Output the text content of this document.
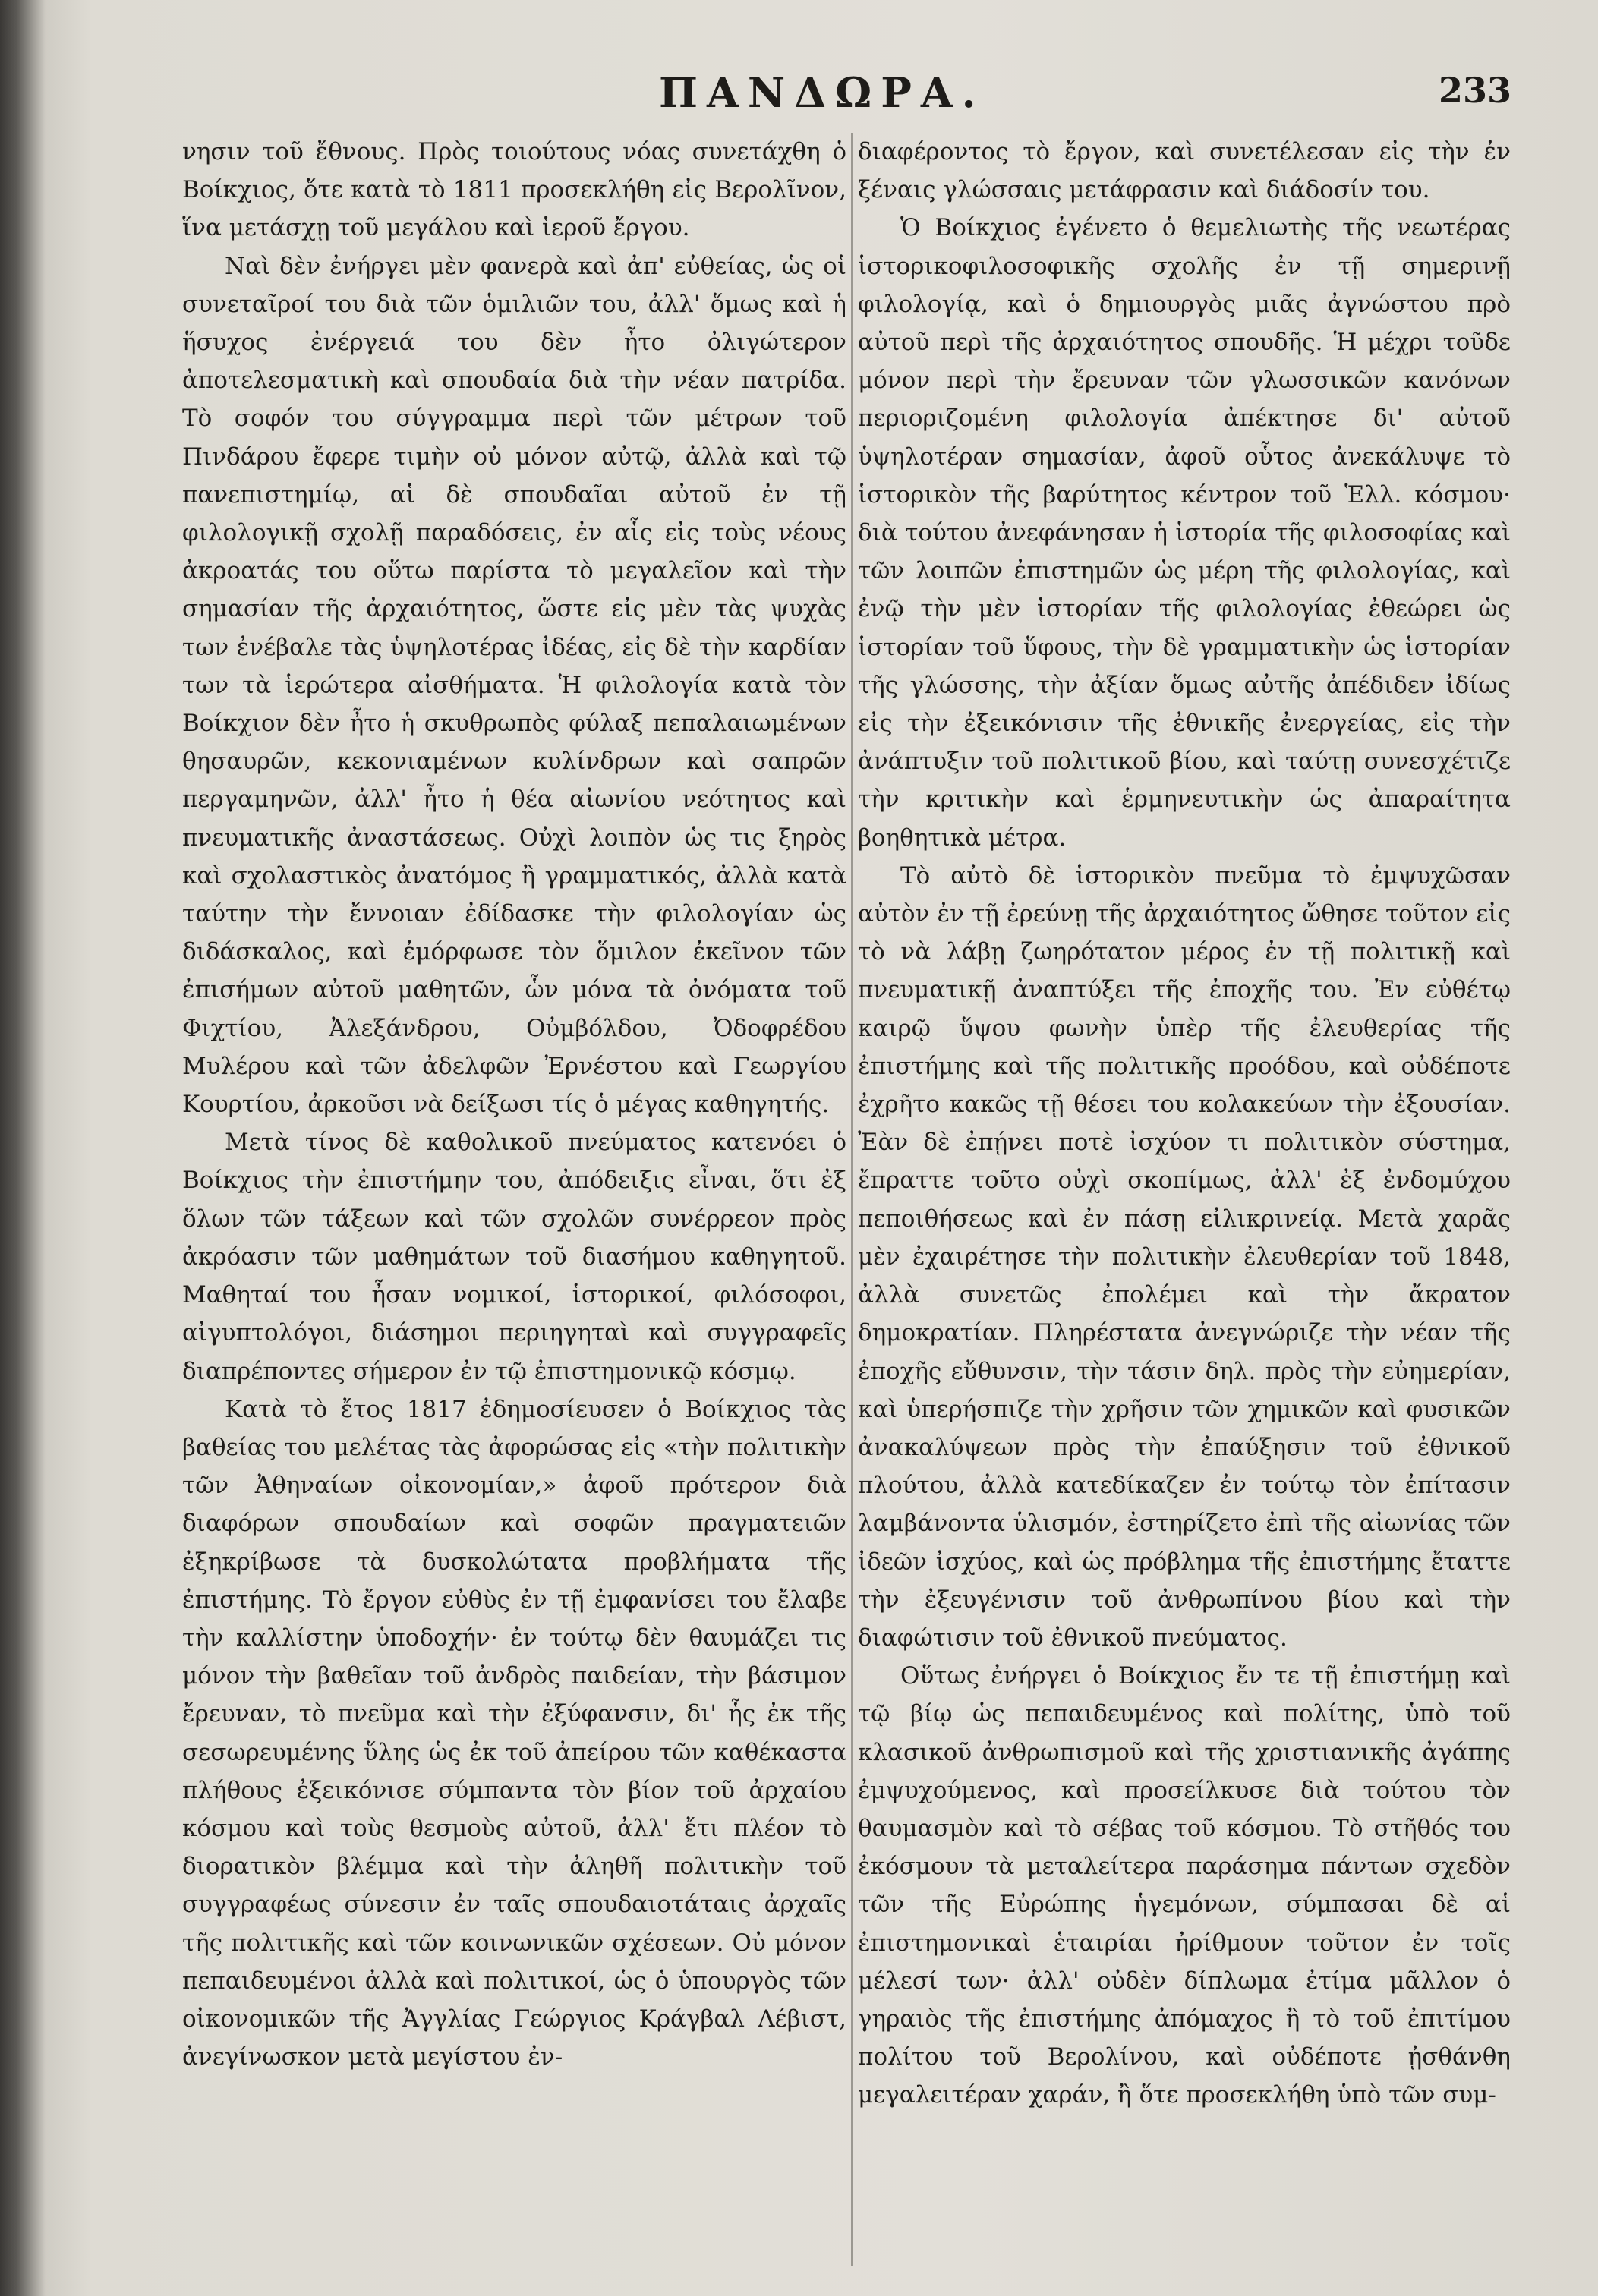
ΠΑΝΔΩΡΑ.	233

νησιν τοῦ ἔθνους. Πρὸς τοιούτους νόας συνετάχθη ὁ Βοίκχιος, ὅτε κατὰ τὸ 1811 προσεκλήθη εἰς Βερολῖνον, ἵνα μετάσχῃ τοῦ μεγάλου καὶ ἱεροῦ ἔργου.

Ναὶ δὲν ἐνήργει μὲν φανερὰ καὶ ἀπ' εὐθείας, ὡς οἱ συνεταῖροί του διὰ τῶν ὁμιλιῶν του, ἀλλ' ὅμως καὶ ἡ ἥσυχος ἐνέργειά του δὲν ἦτο ὀλιγώτερον ἀποτελεσματικὴ καὶ σπουδαία διὰ τὴν νέαν πατρίδα. Τὸ σοφόν του σύγγραμμα περὶ τῶν μέτρων τοῦ Πινδάρου ἔφερε τιμὴν οὐ μόνον αὐτῷ, ἀλλὰ καὶ τῷ πανεπιστημίῳ, αἱ δὲ σπουδαῖαι αὐτοῦ ἐν τῇ φιλολογικῇ σχολῇ παραδόσεις, ἐν αἷς εἰς τοὺς νέους ἀκροατάς του οὕτω παρίστα τὸ μεγαλεῖον καὶ τὴν σημασίαν τῆς ἀρχαιότητος, ὥστε εἰς μὲν τὰς ψυχὰς των ἐνέβαλε τὰς ὑψηλοτέρας ἰδέας, εἰς δὲ τὴν καρδίαν των τὰ ἱερώτερα αἰσθήματα. Ἡ φιλολογία κατὰ τὸν Βοίκχιον δὲν ἦτο ἡ σκυθρωπὸς φύλαξ πεπαλαιωμένων θησαυρῶν, κεκονιαμένων κυλίνδρων καὶ σαπρῶν περγαμηνῶν, ἀλλ' ἦτο ἡ θέα αἰωνίου νεότητος καὶ πνευματικῆς ἀναστάσεως. Οὐχὶ λοιπὸν ὡς τις ξηρὸς καὶ σχολαστικὸς ἀνατόμος ἢ γραμματικός, ἀλλὰ κατὰ ταύτην τὴν ἔννοιαν ἐδίδασκε τὴν φιλολογίαν ὡς διδάσκαλος, καὶ ἐμόρφωσε τὸν ὅμιλον ἐκεῖνον τῶν ἐπισήμων αὐτοῦ μαθητῶν, ὧν μόνα τὰ ὀνόματα τοῦ Φιχτίου, Ἀλεξάνδρου, Οὐμβόλδου, Ὀδοφρέδου Μυλέρου καὶ τῶν ἀδελφῶν Ἐρνέστου καὶ Γεωργίου Κουρτίου, ἀρκοῦσι νὰ δείξωσι τίς ὁ μέγας καθηγητής.

Μετὰ τίνος δὲ καθολικοῦ πνεύματος κατενόει ὁ Βοίκχιος τὴν ἐπιστήμην του, ἀπόδειξις εἶναι, ὅτι ἐξ ὅλων τῶν τάξεων καὶ τῶν σχολῶν συνέρρεον πρὸς ἀκρόασιν τῶν μαθημάτων τοῦ διασήμου καθηγητοῦ. Μαθηταί του ἦσαν νομικοί, ἱστορικοί, φιλόσοφοι, αἰγυπτολόγοι, διάσημοι περιηγηταὶ καὶ συγγραφεῖς διαπρέποντες σήμερον ἐν τῷ ἐπιστημονικῷ κόσμῳ.

Κατὰ τὸ ἔτος 1817 ἐδημοσίευσεν ὁ Βοίκχιος τὰς βαθείας του μελέτας τὰς ἀφορώσας εἰς «τὴν πολιτικὴν τῶν Ἀθηναίων οἰκονομίαν,» ἀφοῦ πρότερον διὰ διαφόρων σπουδαίων καὶ σοφῶν πραγματειῶν ἐξηκρίβωσε τὰ δυσκολώτατα προβλήματα τῆς ἐπιστήμης. Τὸ ἔργον εὐθὺς ἐν τῇ ἐμφανίσει του ἔλαβε τὴν καλλίστην ὑποδοχήν· ἐν τούτῳ δὲν θαυμάζει τις μόνον τὴν βαθεῖαν τοῦ ἀνδρὸς παιδείαν, τὴν βάσιμον ἔρευναν, τὸ πνεῦμα καὶ τὴν ἐξύφανσιν, δι' ἧς ἐκ τῆς σεσωρευμένης ὕλης ὡς ἐκ τοῦ ἀπείρου τῶν καθέκαστα πλήθους ἐξεικόνισε σύμπαντα τὸν βίον τοῦ ἀρχαίου κόσμου καὶ τοὺς θεσμοὺς αὐτοῦ, ἀλλ' ἔτι πλέον τὸ διορατικὸν βλέμμα καὶ τὴν ἀληθῆ πολιτικὴν τοῦ συγγραφέως σύνεσιν ἐν ταῖς σπουδαιοτάταις ἀρχαῖς τῆς πολιτικῆς καὶ τῶν κοινωνικῶν σχέσεων. Οὐ μόνον πεπαιδευμένοι ἀλλὰ καὶ πολιτικοί, ὡς ὁ ὑπουργὸς τῶν οἰκονομικῶν τῆς Ἀγγλίας Γεώργιος Κράγβαλ Λέβιστ, ἀνεγίνωσκον μετὰ μεγίστου ἐν-

διαφέροντος τὸ ἔργον, καὶ συνετέλεσαν εἰς τὴν ἐν ξέναις γλώσσαις μετάφρασιν καὶ διάδοσίν του.

Ὁ Βοίκχιος ἐγένετο ὁ θεμελιωτὴς τῆς νεωτέρας ἱστορικοφιλοσοφικῆς σχολῆς ἐν τῇ σημερινῇ φιλολογίᾳ, καὶ ὁ δημιουργὸς μιᾶς ἀγνώστου πρὸ αὐτοῦ περὶ τῆς ἀρχαιότητος σπουδῆς. Ἡ μέχρι τοῦδε μόνον περὶ τὴν ἔρευναν τῶν γλωσσικῶν κανόνων περιοριζομένη φιλολογία ἀπέκτησε δι' αὐτοῦ ὑψηλοτέραν σημασίαν, ἀφοῦ οὗτος ἀνεκάλυψε τὸ ἱστορικὸν τῆς βαρύτητος κέντρον τοῦ Ἑλλ. κόσμου· διὰ τούτου ἀνεφάνησαν ἡ ἱστορία τῆς φιλοσοφίας καὶ τῶν λοιπῶν ἐπιστημῶν ὡς μέρη τῆς φιλολογίας, καὶ ἐνῷ τὴν μὲν ἱστορίαν τῆς φιλολογίας ἐθεώρει ὡς ἱστορίαν τοῦ ὕφους, τὴν δὲ γραμματικὴν ὡς ἱστορίαν τῆς γλώσσης, τὴν ἀξίαν ὅμως αὐτῆς ἀπέδιδεν ἰδίως εἰς τὴν ἐξεικόνισιν τῆς ἐθνικῆς ἐνεργείας, εἰς τὴν ἀνάπτυξιν τοῦ πολιτικοῦ βίου, καὶ ταύτῃ συνεσχέτιζε τὴν κριτικὴν καὶ ἑρμηνευτικὴν ὡς ἀπαραίτητα βοηθητικὰ μέτρα.

Τὸ αὐτὸ δὲ ἱστορικὸν πνεῦμα τὸ ἐμψυχῶσαν αὐτὸν ἐν τῇ ἐρεύνῃ τῆς ἀρχαιότητος ὤθησε τοῦτον εἰς τὸ νὰ λάβῃ ζωηρότατον μέρος ἐν τῇ πολιτικῇ καὶ πνευματικῇ ἀναπτύξει τῆς ἐποχῆς του. Ἐν εὐθέτῳ καιρῷ ὕψου φωνὴν ὑπὲρ τῆς ἐλευθερίας τῆς ἐπιστήμης καὶ τῆς πολιτικῆς προόδου, καὶ οὐδέποτε ἐχρῆτο κακῶς τῇ θέσει του κολακεύων τὴν ἐξουσίαν. Ἐὰν δὲ ἐπῄνει ποτὲ ἰσχύον τι πολιτικὸν σύστημα, ἔπραττε τοῦτο οὐχὶ σκοπίμως, ἀλλ' ἐξ ἐνδομύχου πεποιθήσεως καὶ ἐν πάσῃ εἰλικρινείᾳ. Μετὰ χαρᾶς μὲν ἐχαιρέτησε τὴν πολιτικὴν ἐλευθερίαν τοῦ 1848, ἀλλὰ συνετῶς ἐπολέμει καὶ τὴν ἄκρατον δημοκρατίαν. Πληρέστατα ἀνεγνώριζε τὴν νέαν τῆς ἐποχῆς εὔθυνσιν, τὴν τάσιν δηλ. πρὸς τὴν εὐημερίαν, καὶ ὑπερήσπιζε τὴν χρῆσιν τῶν χημικῶν καὶ φυσικῶν ἀνακαλύψεων πρὸς τὴν ἐπαύξησιν τοῦ ἐθνικοῦ πλούτου, ἀλλὰ κατεδίκαζεν ἐν τούτῳ τὸν ἐπίτασιν λαμβάνοντα ὑλισμόν, ἐστηρίζετο ἐπὶ τῆς αἰωνίας τῶν ἰδεῶν ἰσχύος, καὶ ὡς πρόβλημα τῆς ἐπιστήμης ἔταττε τὴν ἐξευγένισιν τοῦ ἀνθρωπίνου βίου καὶ τὴν διαφώτισιν τοῦ ἐθνικοῦ πνεύματος.

Οὕτως ἐνήργει ὁ Βοίκχιος ἔν τε τῇ ἐπιστήμῃ καὶ τῷ βίῳ ὡς πεπαιδευμένος καὶ πολίτης, ὑπὸ τοῦ κλασικοῦ ἀνθρωπισμοῦ καὶ τῆς χριστιανικῆς ἀγάπης ἐμψυχούμενος, καὶ προσείλκυσε διὰ τούτου τὸν θαυμασμὸν καὶ τὸ σέβας τοῦ κόσμου. Τὸ στῆθός του ἐκόσμουν τὰ μεταλείτερα παράσημα πάντων σχεδὸν τῶν τῆς Εὐρώπης ἡγεμόνων, σύμπασαι δὲ αἱ ἐπιστημονικαὶ ἑταιρίαι ἠρίθμουν τοῦτον ἐν τοῖς μέλεσί των· ἀλλ' οὐδὲν δίπλωμα ἐτίμα μᾶλλον ὁ γηραιὸς τῆς ἐπιστήμης ἀπόμαχος ἢ τὸ τοῦ ἐπιτίμου πολίτου τοῦ Βερολίνου, καὶ οὐδέποτε ᾐσθάνθη μεγαλειτέραν χαράν, ἢ ὅτε προσεκλήθη ὑπὸ τῶν συμ-
